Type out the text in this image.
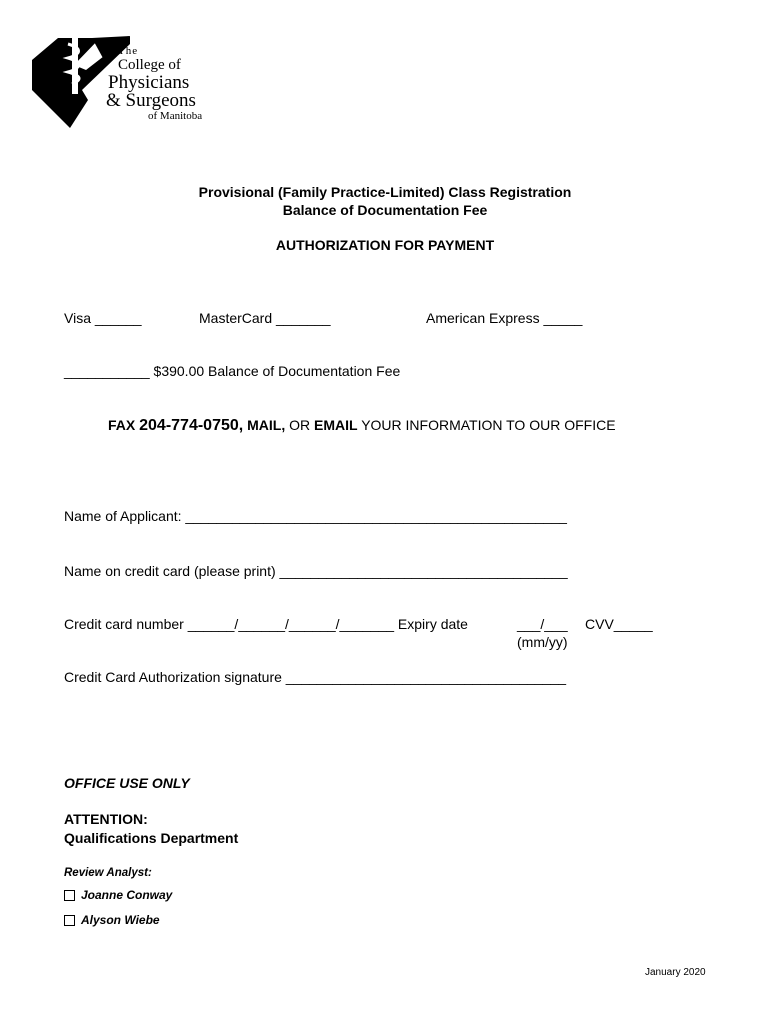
The
College of
Physicians
& Surgeons
of Manitoba
Provisional (Family Practice-Limited) Class Registration
Balance of Documentation Fee
AUTHORIZATION FOR PAYMENT
Visa ______	MasterCard _______	American Express _____
___________ $390.00 Balance of Documentation Fee
FAX 204-774-0750, MAIL, OR EMAIL YOUR INFORMATION TO OUR OFFICE
Name of Applicant: _________________________________________________
Name on credit card (please print) _____________________________________
Credit card number ______/______/______/_______ Expiry date	___/___
(mm/yy)
CVV_____
Credit Card Authorization signature ____________________________________
OFFICE USE ONLY
ATTENTION:
Qualifications Department
Review Analyst:
Joanne Conway
Alyson Wiebe
January 2020
